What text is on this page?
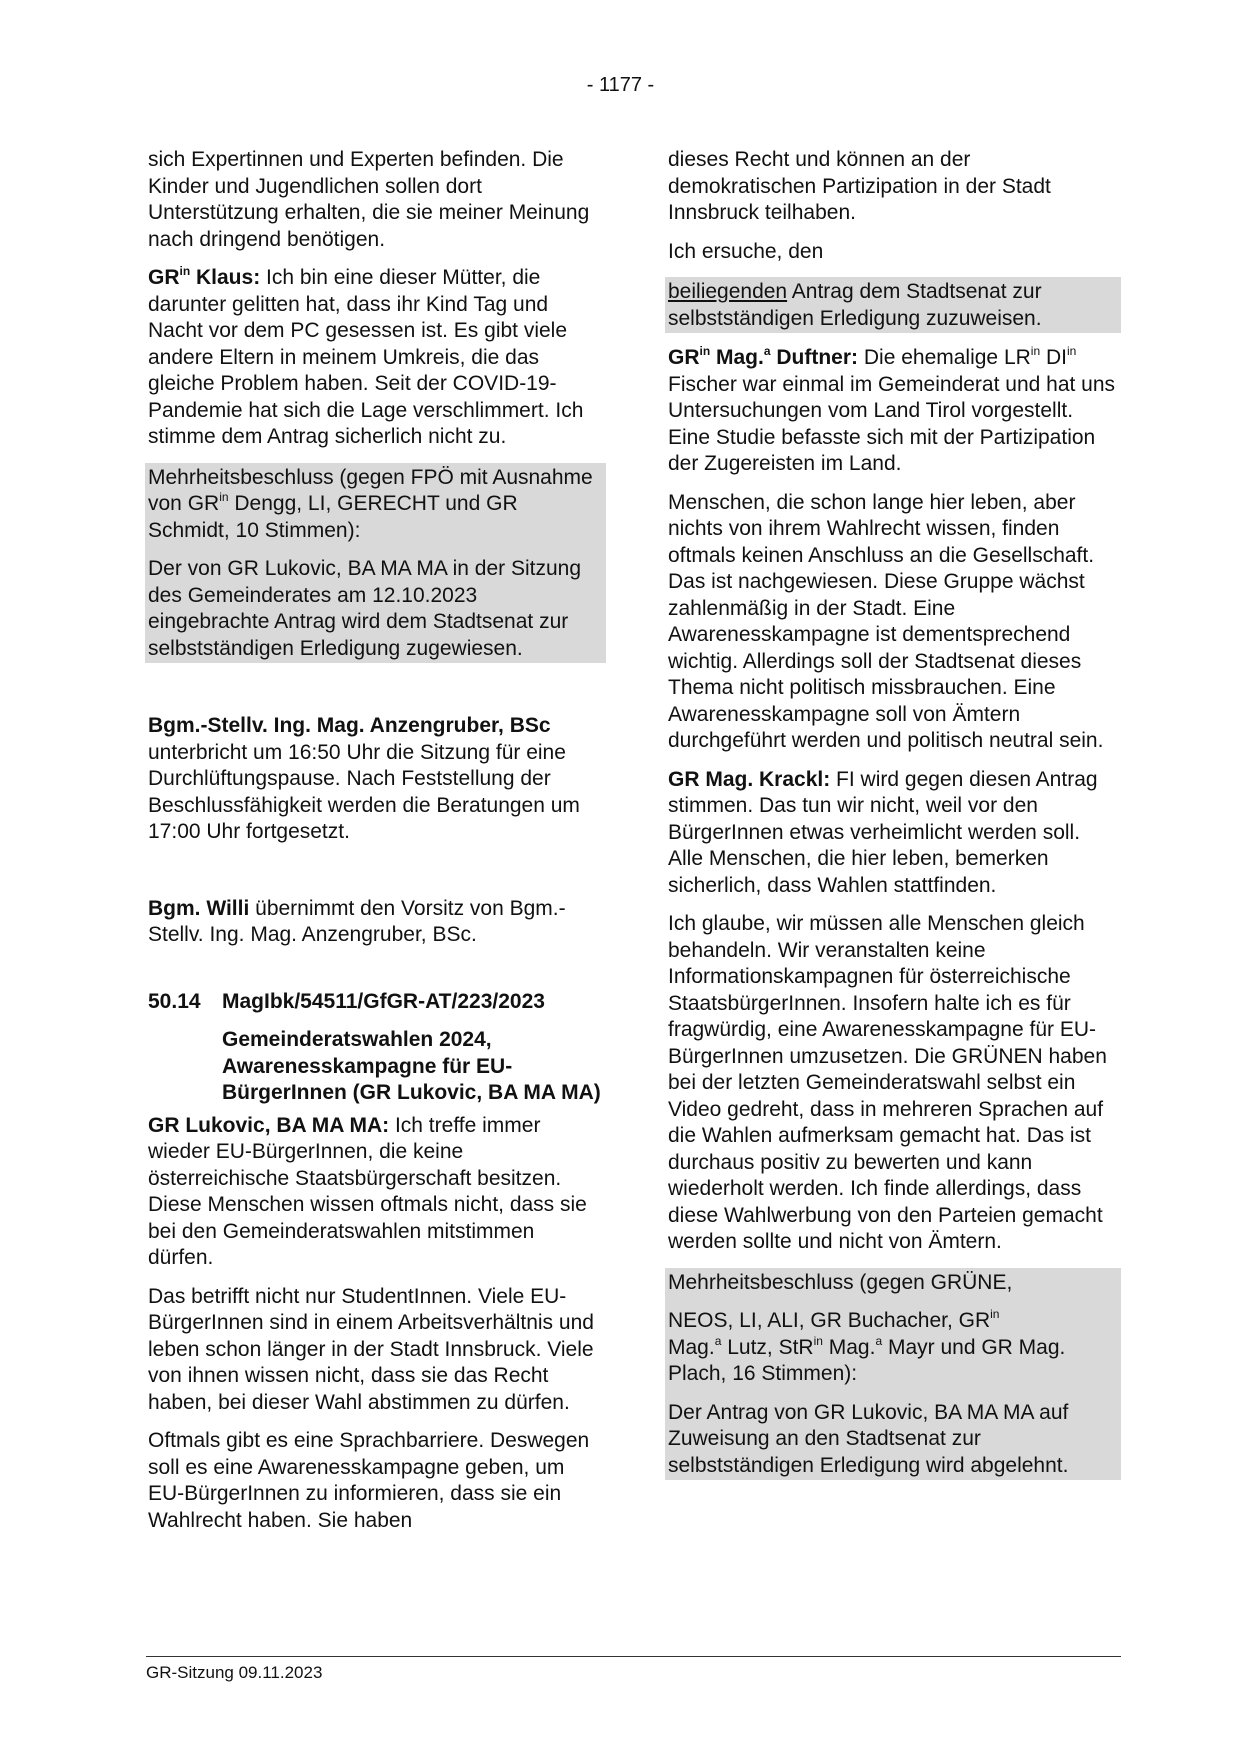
- 1177 -

sich Expertinnen und Experten befinden. Die Kinder und Jugendlichen sollen dort Unterstützung erhalten, die sie meiner Meinung nach dringend benötigen.

$GR^{in}$ Klaus: Ich bin eine dieser Mütter, die darunter gelitten hat, dass ihr Kind Tag und Nacht vor dem PC gesessen ist. Es gibt viele andere Eltern in meinem Umkreis, die das gleiche Problem haben. Seit der COVID-19-Pandemie hat sich die Lage verschlimmert. Ich stimme dem Antrag sicherlich nicht zu.

Mehrheitsbeschluss (gegen FPÖ mit Ausnahme von $GR^{in}$ Dengg, LI, GERECHT und GR Schmidt, 10 Stimmen):

Der von GR Lukovic, BA MA MA in der Sitzung des Gemeinderates am 12.10.2023 eingebrachte Antrag wird dem Stadtsenat zur selbstständigen Erledigung zugewiesen.

Bgm.-Stellv. Ing. Mag. Anzengruber, BSc unterbricht um 16:50 Uhr die Sitzung für eine Durchlüftungspause. Nach Feststellung der Beschlussfähigkeit werden die Beratungen um 17:00 Uhr fortgesetzt.

Bgm. Willi übernimmt den Vorsitz von Bgm.-Stellv. Ing. Mag. Anzengruber, BSc.

50.14	MagIbk/54511/GfGR-AT/223/2023
Gemeinderatswahlen 2024, Awarenesskampagne für EU-BürgerInnen (GR Lukovic, BA MA MA)

GR Lukovic, BA MA MA: Ich treffe immer wieder EU-BürgerInnen, die keine österreichische Staatsbürgerschaft besitzen. Diese Menschen wissen oftmals nicht, dass sie bei den Gemeinderatswahlen mitstimmen dürfen.

Das betrifft nicht nur StudentInnen. Viele EU-BürgerInnen sind in einem Arbeitsverhältnis und leben schon länger in der Stadt Innsbruck. Viele von ihnen wissen nicht, dass sie das Recht haben, bei dieser Wahl abstimmen zu dürfen.

Oftmals gibt es eine Sprachbarriere. Deswegen soll es eine Awarenesskampagne geben, um EU-BürgerInnen zu informieren, dass sie ein Wahlrecht haben. Sie haben

dieses Recht und können an der demokratischen Partizipation in der Stadt Innsbruck teilhaben.

Ich ersuche, den

beiliegenden Antrag dem Stadtsenat zur selbstständigen Erledigung zuzuweisen.

$GR^{in}$ Mag.$^a$ Duftner: Die ehemalige $LR^{in}$ $DI^{in}$ Fischer war einmal im Gemeinderat und hat uns Untersuchungen vom Land Tirol vorgestellt. Eine Studie befasste sich mit der Partizipation der Zugereisten im Land.

Menschen, die schon lange hier leben, aber nichts von ihrem Wahlrecht wissen, finden oftmals keinen Anschluss an die Gesellschaft. Das ist nachgewiesen. Diese Gruppe wächst zahlenmäßig in der Stadt. Eine Awarenesskampagne ist dementsprechend wichtig. Allerdings soll der Stadtsenat dieses Thema nicht politisch missbrauchen. Eine Awarenesskampagne soll von Ämtern durchgeführt werden und politisch neutral sein.

GR Mag. Krackl: FI wird gegen diesen Antrag stimmen. Das tun wir nicht, weil vor den BürgerInnen etwas verheimlicht werden soll. Alle Menschen, die hier leben, bemerken sicherlich, dass Wahlen stattfinden.

Ich glaube, wir müssen alle Menschen gleich behandeln. Wir veranstalten keine Informationskampagnen für österreichische StaatsbürgerInnen. Insofern halte ich es für fragwürdig, eine Awarenesskampagne für EU-BürgerInnen umzusetzen. Die GRÜNEN haben bei der letzten Gemeinderatswahl selbst ein Video gedreht, dass in mehreren Sprachen auf die Wahlen aufmerksam gemacht hat. Das ist durchaus positiv zu bewerten und kann wiederholt werden. Ich finde allerdings, dass diese Wahlwerbung von den Parteien gemacht werden sollte und nicht von Ämtern.

Mehrheitsbeschluss (gegen GRÜNE,

NEOS, LI, ALI, GR Buchacher, $GR^{in}$
Mag.$^a$ Lutz, StR$^{in}$ Mag.$^a$ Mayr und GR Mag. Plach, 16 Stimmen):

Der Antrag von GR Lukovic, BA MA MA auf Zuweisung an den Stadtsenat zur selbstständigen Erledigung wird abgelehnt.

GR-Sitzung 09.11.2023
